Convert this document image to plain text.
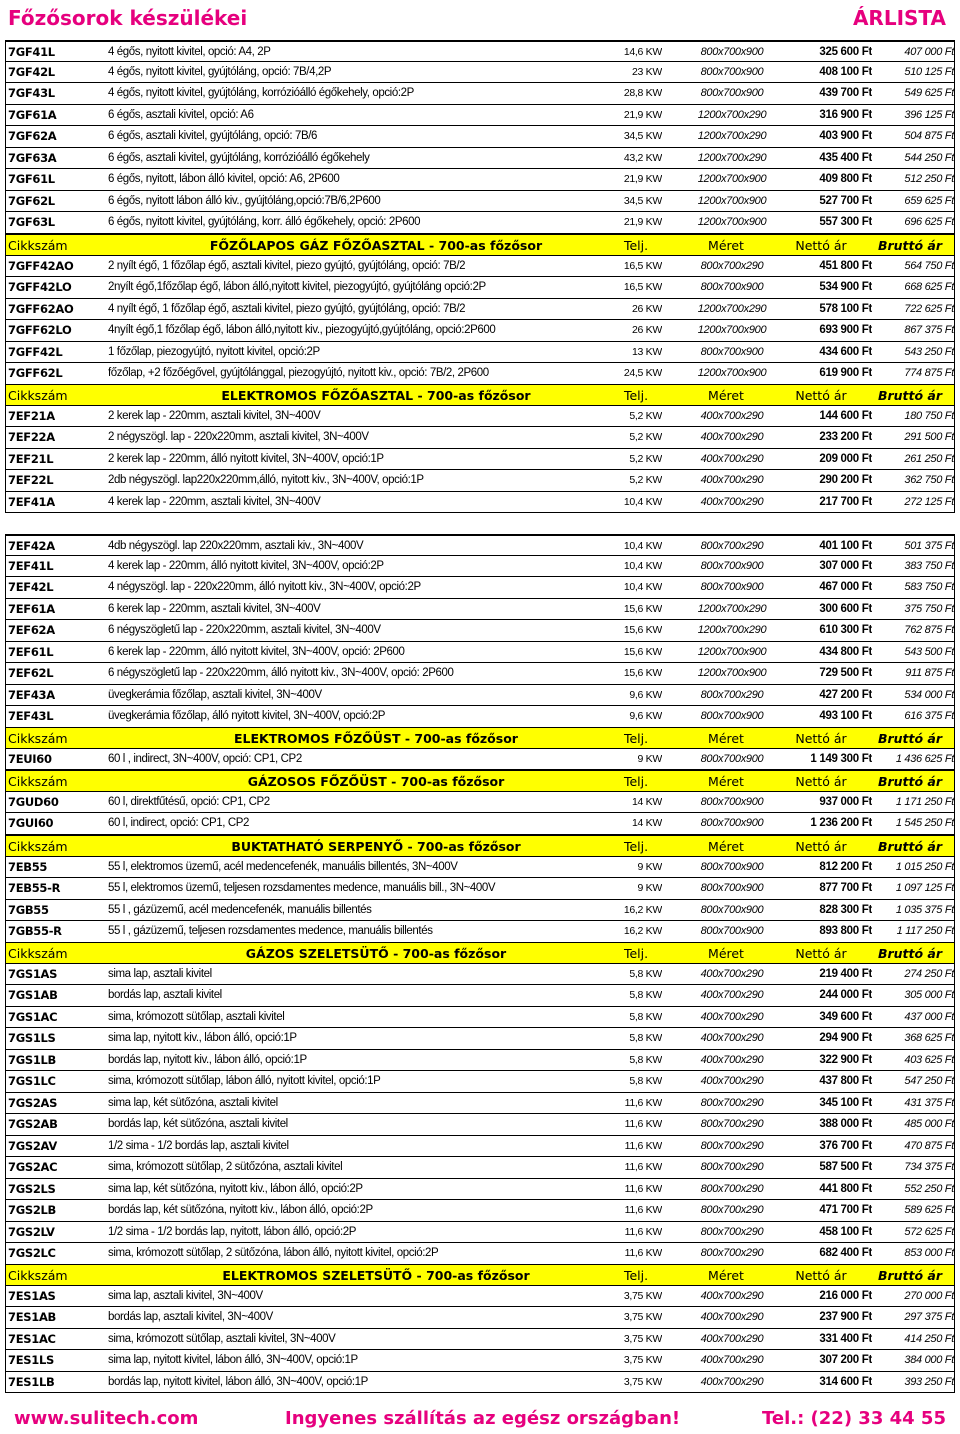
Főzősorok készülékei	ÁRLISTA
7GF41L	4 égős, nyitott kivitel, opció: A4, 2P	14,6 KW	800x700x900	325 600 Ft	407 000 Ft
7GF42L	4 égős, nyitott kivitel, gyújtóláng, opció: 7B/4,2P	23 KW	800x700x900	408 100 Ft	510 125 Ft
7GF43L	4 égős, nyitott kivitel, gyújtóláng, korrózióálló égőkehely, opció:2P	28,8 KW	800x700x900	439 700 Ft	549 625 Ft
7GF61A	6 égős, asztali kivitel, opció: A6	21,9 KW	1200x700x290	316 900 Ft	396 125 Ft
7GF62A	6 égős, asztali kivitel, gyújtóláng, opció: 7B/6	34,5 KW	1200x700x290	403 900 Ft	504 875 Ft
7GF63A	6 égős, asztali kivitel, gyújtóláng, korrózióálló égőkehely	43,2 KW	1200x700x290	435 400 Ft	544 250 Ft
7GF61L	6 égős, nyitott, lábon álló kivitel, opció: A6, 2P600	21,9 KW	1200x700x900	409 800 Ft	512 250 Ft
7GF62L	6 égős, nyitott lábon álló kiv., gyújtóláng,opció:7B/6,2P600	34,5 KW	1200x700x900	527 700 Ft	659 625 Ft
7GF63L	6 égős, nyitott kivitel, gyújtóláng, korr. álló égőkehely, opció: 2P600	21,9 KW	1200x700x900	557 300 Ft	696 625 Ft
Cikkszám	FŐZŐLAPOS GÁZ FŐZŐASZTAL - 700-as főzősor	Telj.	Méret	Nettó ár	Bruttó ár
7GFF42AO	2 nyílt égő, 1 főzőlap égő, asztali kivitel, piezo gyújtó, gyújtóláng, opció: 7B/2	16,5 KW	800x700x290	451 800 Ft	564 750 Ft
7GFF42LO	2nyílt égő,1főzőlap égő, lábon álló,nyitott kivitel, piezogyújtó, gyújtóláng opció:2P	16,5 KW	800x700x900	534 900 Ft	668 625 Ft
7GFF62AO	4 nyílt égő, 1 főzőlap égő, asztali kivitel, piezo gyújtó, gyújtóláng, opció: 7B/2	26 KW	1200x700x290	578 100 Ft	722 625 Ft
7GFF62LO	4nyílt égő,1 főzőlap égő, lábon álló,nyitott kiv., piezogyújtó,gyújtóláng, opció:2P600	26 KW	1200x700x900	693 900 Ft	867 375 Ft
7GFF42L	1 főzőlap, piezogyújtó, nyitott kivitel, opció:2P	13 KW	800x700x900	434 600 Ft	543 250 Ft
7GFF62L	főzőlap, +2 főzőégővel, gyújtólánggal, piezogyújtó, nyitott kiv., opció: 7B/2, 2P600	24,5 KW	1200x700x900	619 900 Ft	774 875 Ft
Cikkszám	ELEKTROMOS FŐZŐASZTAL - 700-as főzősor	Telj.	Méret	Nettó ár	Bruttó ár
7EF21A	2 kerek lap - 220mm, asztali kivitel, 3N~400V	5,2 KW	400x700x290	144 600 Ft	180 750 Ft
7EF22A	2 négyszögl. lap - 220x220mm, asztali kivitel, 3N~400V	5,2 KW	400x700x290	233 200 Ft	291 500 Ft
7EF21L	2 kerek lap - 220mm, álló nyitott kivitel, 3N~400V, opció:1P	5,2 KW	400x700x290	209 000 Ft	261 250 Ft
7EF22L	2db négyszögl. lap220x220mm,álló, nyitott kiv., 3N~400V, opció:1P	5,2 KW	400x700x290	290 200 Ft	362 750 Ft
7EF41A	4 kerek lap - 220mm, asztali kivitel, 3N~400V	10,4 KW	400x700x290	217 700 Ft	272 125 Ft
7EF42A	4db négyszögl. lap 220x220mm, asztali kiv., 3N~400V	10,4 KW	800x700x290	401 100 Ft	501 375 Ft
7EF41L	4 kerek lap - 220mm, álló nyitott kivitel, 3N~400V, opció:2P	10,4 KW	800x700x900	307 000 Ft	383 750 Ft
7EF42L	4 négyszögl. lap - 220x220mm, álló nyitott kiv., 3N~400V, opció:2P	10,4 KW	800x700x900	467 000 Ft	583 750 Ft
7EF61A	6 kerek lap - 220mm, asztali kivitel, 3N~400V	15,6 KW	1200x700x290	300 600 Ft	375 750 Ft
7EF62A	6 négyszögletű lap - 220x220mm, asztali kivitel, 3N~400V	15,6 KW	1200x700x290	610 300 Ft	762 875 Ft
7EF61L	6 kerek lap - 220mm, álló nyitott kivitel, 3N~400V, opció: 2P600	15,6 KW	1200x700x900	434 800 Ft	543 500 Ft
7EF62L	6 négyszögletű lap - 220x220mm, álló nyitott kiv., 3N~400V, opció: 2P600	15,6 KW	1200x700x900	729 500 Ft	911 875 Ft
7EF43A	üvegkerámia főzőlap, asztali kivitel, 3N~400V	9,6 KW	800x700x290	427 200 Ft	534 000 Ft
7EF43L	üvegkerámia főzőlap, álló nyitott kivitel, 3N~400V, opció:2P	9,6 KW	800x700x900	493 100 Ft	616 375 Ft
Cikkszám	ELEKTROMOS FŐZŐÜST - 700-as főzősor	Telj.	Méret	Nettó ár	Bruttó ár
7EUI60	60 l , indirect, 3N~400V, opció: CP1, CP2	9 KW	800x700x900	1 149 300 Ft	1 436 625 Ft
Cikkszám	GÁZOSOS FŐZŐÜST - 700-as főzősor	Telj.	Méret	Nettó ár	Bruttó ár
7GUD60	60 l, direktfűtésű, opció: CP1, CP2	14 KW	800x700x900	937 000 Ft	1 171 250 Ft
7GUI60	60 l, indirect, opció: CP1, CP2	14 KW	800x700x900	1 236 200 Ft	1 545 250 Ft
Cikkszám	BUKTATHATÓ SERPENYŐ - 700-as főzősor	Telj.	Méret	Nettó ár	Bruttó ár
7EB55	55 l, elektromos üzemű, acél medencefenék, manuális billentés, 3N~400V	9 KW	800x700x900	812 200 Ft	1 015 250 Ft
7EB55-R	55 l, elektromos üzemű, teljesen rozsdamentes medence, manuális bill., 3N~400V	9 KW	800x700x900	877 700 Ft	1 097 125 Ft
7GB55	55 l , gázüzemű, acél medencefenék, manuális billentés	16,2 KW	800x700x900	828 300 Ft	1 035 375 Ft
7GB55-R	55 l , gázüzemű, teljesen rozsdamentes medence, manuális billentés	16,2 KW	800x700x900	893 800 Ft	1 117 250 Ft
Cikkszám	GÁZOS SZELETSÜTŐ - 700-as főzősor	Telj.	Méret	Nettó ár	Bruttó ár
7GS1AS	sima lap, asztali kivitel	5,8 KW	400x700x290	219 400 Ft	274 250 Ft
7GS1AB	bordás lap, asztali kivitel	5,8 KW	400x700x290	244 000 Ft	305 000 Ft
7GS1AC	sima, krómozott sütőlap, asztali kivitel	5,8 KW	400x700x290	349 600 Ft	437 000 Ft
7GS1LS	sima lap, nyitott kiv., lábon álló, opció:1P	5,8 KW	400x700x290	294 900 Ft	368 625 Ft
7GS1LB	bordás lap, nyitott kiv., lábon álló, opció:1P	5,8 KW	400x700x290	322 900 Ft	403 625 Ft
7GS1LC	sima, krómozott sütőlap, lábon álló, nyitott kivitel, opció:1P	5,8 KW	400x700x290	437 800 Ft	547 250 Ft
7GS2AS	sima lap, két sütőzóna, asztali kivitel	11,6 KW	800x700x290	345 100 Ft	431 375 Ft
7GS2AB	bordás lap, két sütőzóna, asztali kivitel	11,6 KW	800x700x290	388 000 Ft	485 000 Ft
7GS2AV	1/2 sima - 1/2 bordás lap, asztali kivitel	11,6 KW	800x700x290	376 700 Ft	470 875 Ft
7GS2AC	sima, krómozott sütőlap, 2 sütőzóna, asztali kivitel	11,6 KW	800x700x290	587 500 Ft	734 375 Ft
7GS2LS	sima lap, két sütőzóna, nyitott kiv., lábon álló, opció:2P	11,6 KW	800x700x290	441 800 Ft	552 250 Ft
7GS2LB	bordás lap, két sütőzóna, nyitott kiv., lábon álló, opció:2P	11,6 KW	800x700x290	471 700 Ft	589 625 Ft
7GS2LV	1/2 sima - 1/2 bordás lap, nyitott, lábon álló, opció:2P	11,6 KW	800x700x290	458 100 Ft	572 625 Ft
7GS2LC	sima, krómozott sütőlap, 2 sütőzóna, lábon álló, nyitott kivitel, opció:2P	11,6 KW	800x700x290	682 400 Ft	853 000 Ft
Cikkszám	ELEKTROMOS SZELETSÜTŐ - 700-as főzősor	Telj.	Méret	Nettó ár	Bruttó ár
7ES1AS	sima lap, asztali kivitel, 3N~400V	3,75 KW	400x700x290	216 000 Ft	270 000 Ft
7ES1AB	bordás lap, asztali kivitel, 3N~400V	3,75 KW	400x700x290	237 900 Ft	297 375 Ft
7ES1AC	sima, krómozott sütőlap, asztali kivitel, 3N~400V	3,75 KW	400x700x290	331 400 Ft	414 250 Ft
7ES1LS	sima lap, nyitott kivitel, lábon álló, 3N~400V, opció:1P	3,75 KW	400x700x290	307 200 Ft	384 000 Ft
7ES1LB	bordás lap, nyitott kivitel, lábon álló, 3N~400V, opció:1P	3,75 KW	400x700x290	314 600 Ft	393 250 Ft
www.sulitech.com	Ingyenes szállítás az egész országban!	Tel.: (22) 33 44 55
